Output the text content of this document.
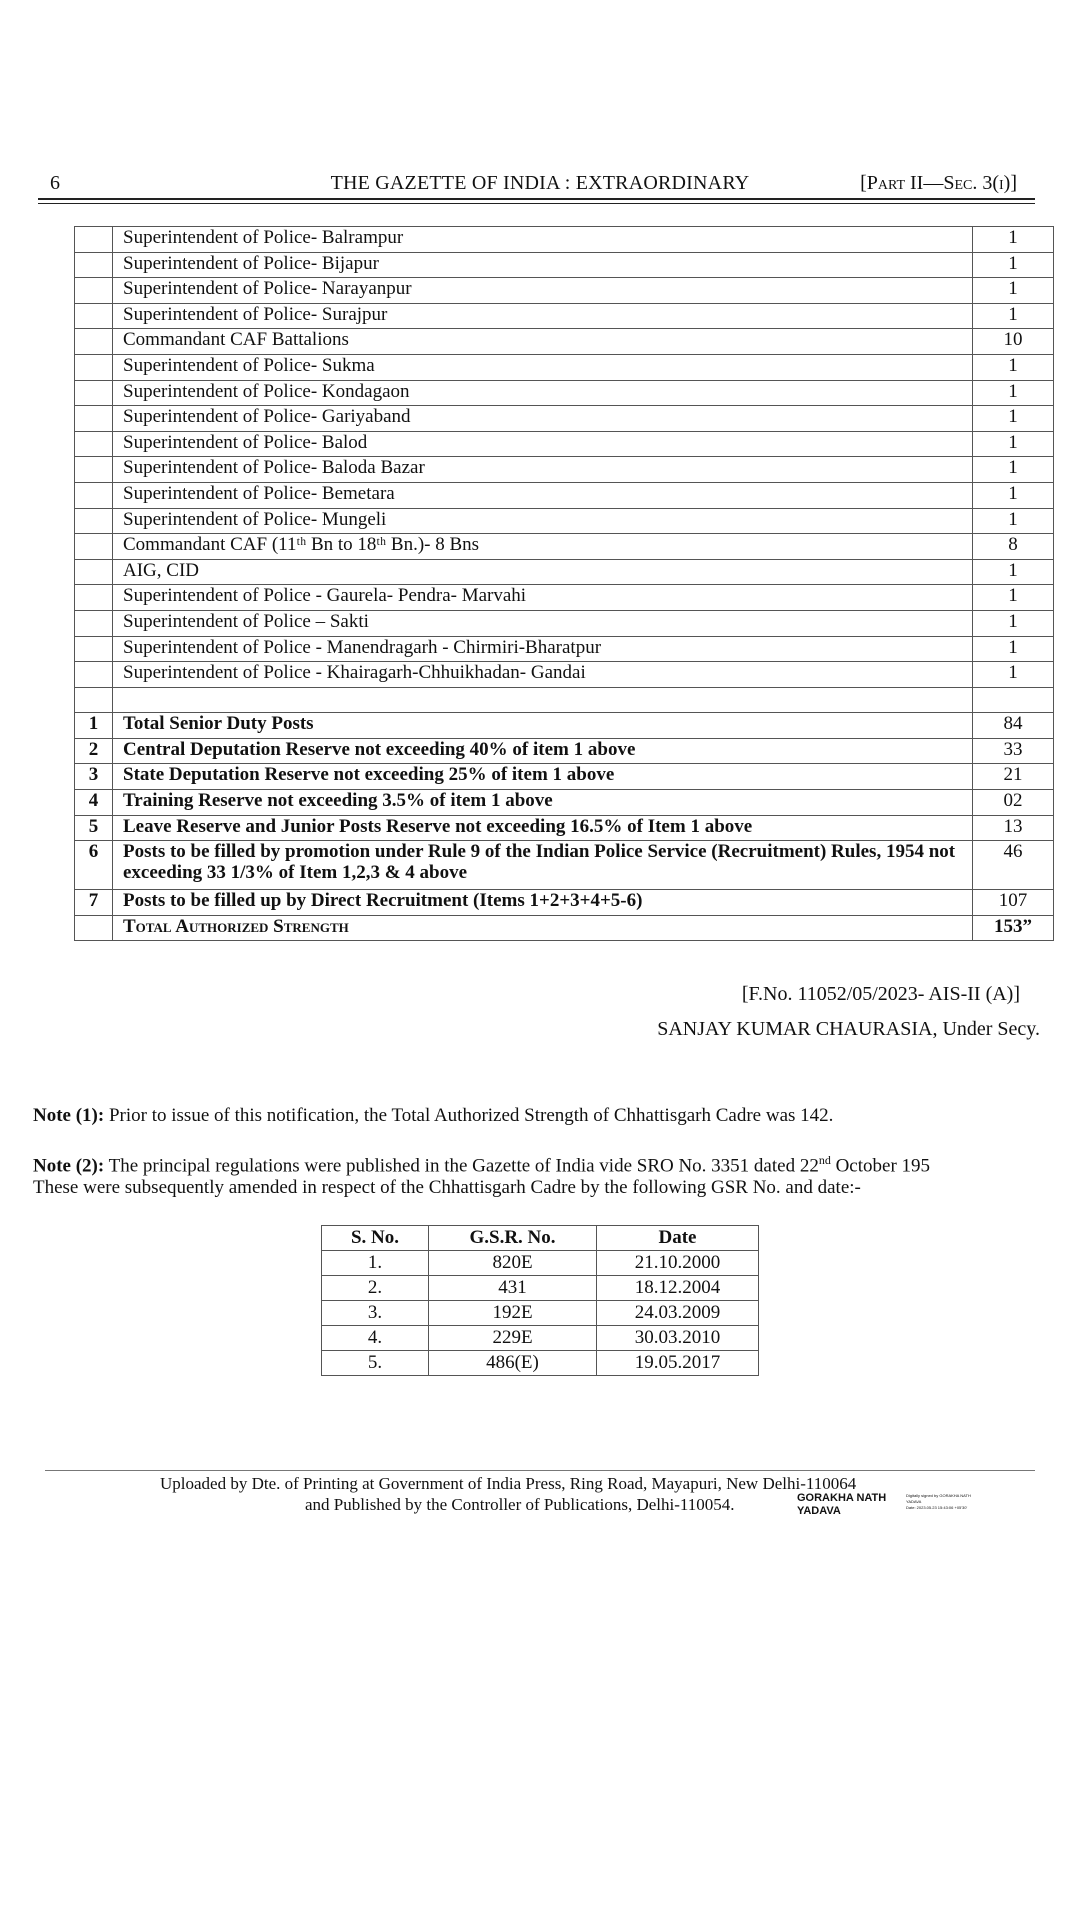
6	THE GAZETTE OF INDIA : EXTRAORDINARY	[Part II—Sec. 3(i)]
	Superintendent of Police- Balrampur	1
	Superintendent of Police- Bijapur	1
	Superintendent of Police- Narayanpur	1
	Superintendent of Police- Surajpur	1
	Commandant CAF Battalions	10
	Superintendent of Police- Sukma	1
	Superintendent of Police- Kondagaon	1
	Superintendent of Police- Gariyaband	1
	Superintendent of Police- Balod	1
	Superintendent of Police- Baloda Bazar	1
	Superintendent of Police- Bemetara	1
	Superintendent of Police- Mungeli	1
	Commandant CAF (11ᵗʰ Bn to 18ᵗʰ Bn.)- 8 Bns	8
	AIG, CID	1
	Superintendent of Police - Gaurela- Pendra- Marvahi	1
	Superintendent of Police – Sakti	1
	Superintendent of Police - Manendragarh - Chirmiri-Bharatpur	1
	Superintendent of Police - Khairagarh-Chhuikhadan- Gandai	1

1	Total Senior Duty Posts	84
2	Central Deputation Reserve not exceeding 40% of item 1 above	33
3	State Deputation Reserve not exceeding 25% of item 1 above	21
4	Training Reserve not exceeding 3.5% of item 1 above	02
5	Leave Reserve and Junior Posts Reserve not exceeding 16.5% of Item 1 above	13
6	Posts to be filled by promotion under Rule 9 of the Indian Police Service (Recruitment) Rules, 1954 not exceeding 33 1/3% of Item 1,2,3 & 4 above	46
7	Posts to be filled up by Direct Recruitment (Items 1+2+3+4+5-6)	107
	Total Authorized Strength	153”
[F.No. 11052/05/2023- AIS-II (A)]
SANJAY KUMAR CHAURASIA, Under Secy.
Note (1): Prior to issue of this notification, the Total Authorized Strength of Chhattisgarh Cadre was 142.
Note (2): The principal regulations were published in the Gazette of India vide SRO No. 3351 dated 22nd October 195
These were subsequently amended in respect of the Chhattisgarh Cadre by the following GSR No. and date:-
S. No.	G.S.R. No.	Date
1.	820E	21.10.2000
2.	431	18.12.2004
3.	192E	24.03.2009
4.	229E	30.03.2010
5.	486(E)	19.05.2017
Uploaded by Dte. of Printing at Government of India Press, Ring Road, Mayapuri, New Delhi-110064
and Published by the Controller of Publications, Delhi-110054.	GORAKHA NATH
YADAVA
Digitally signed by GORAKHA NATH
YADAVA
Date: 2023.05.23 15:43:06 +05'30'
